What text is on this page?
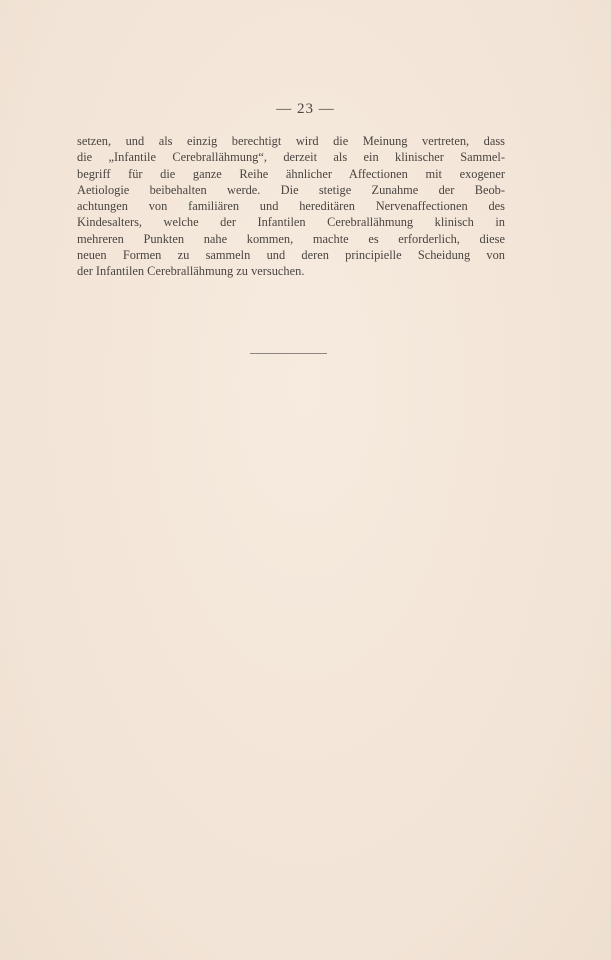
— 23 —
setzen, und als einzig berechtigt wird die Meinung vertreten, dass
die „Infantile Cerebrallähmung“, derzeit als ein klinischer Sammel-
begriff für die ganze Reihe ähnlicher Affectionen mit exogener
Aetiologie beibehalten werde. Die stetige Zunahme der Beob-
achtungen von familiären und hereditären Nervenaffectionen des
Kindesalters, welche der Infantilen Cerebrallähmung klinisch in
mehreren Punkten nahe kommen, machte es erforderlich, diese
neuen Formen zu sammeln und deren principielle Scheidung von
der Infantilen Cerebrallähmung zu versuchen.
